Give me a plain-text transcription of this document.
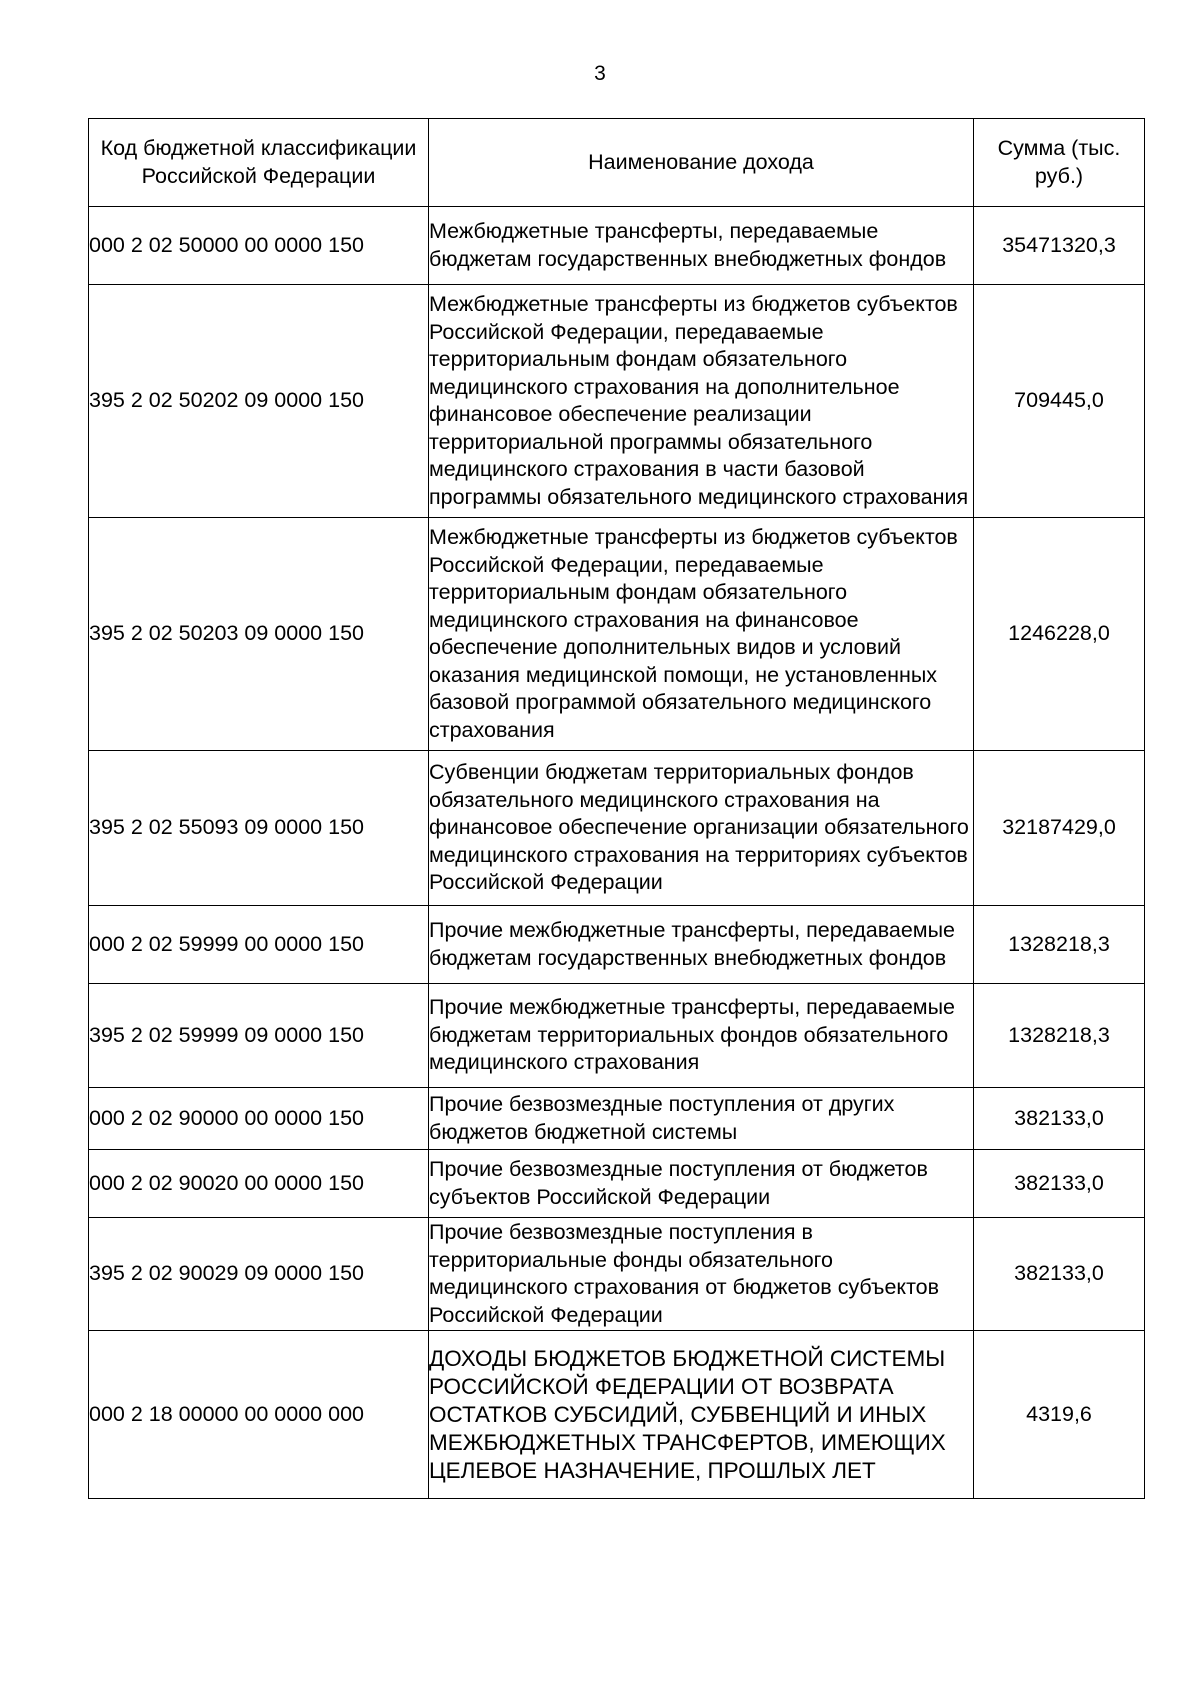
3
Код бюджетной классификации Российской Федерации	Наименование дохода	Сумма (тыс. руб.)
000 2 02 50000 00 0000 150	Межбюджетные трансферты, передаваемые бюджетам государственных внебюджетных фондов	35471320,3
395 2 02 50202 09 0000 150	Межбюджетные трансферты из бюджетов субъектов Российской Федерации, передаваемые территориальным фондам обязательного медицинского страхования на дополнительное финансовое обеспечение реализации территориальной программы обязательного медицинского страхования в части базовой программы обязательного медицинского страхования	709445,0
395 2 02 50203 09 0000 150	Межбюджетные трансферты из бюджетов субъектов Российской Федерации, передаваемые территориальным фондам обязательного медицинского страхования на финансовое обеспечение дополнительных видов и условий оказания медицинской помощи, не установленных базовой программой обязательного медицинского страхования	1246228,0
395 2 02 55093 09 0000 150	Субвенции бюджетам территориальных фондов обязательного медицинского страхования на финансовое обеспечение организации обязательного медицинского страхования на территориях субъектов Российской Федерации	32187429,0
000 2 02 59999 00 0000 150	Прочие межбюджетные трансферты, передаваемые бюджетам государственных внебюджетных фондов	1328218,3
395 2 02 59999 09 0000 150	Прочие межбюджетные трансферты, передаваемые бюджетам территориальных фондов обязательного медицинского страхования	1328218,3
000 2 02 90000 00 0000 150	Прочие безвозмездные поступления от других бюджетов бюджетной системы	382133,0
000 2 02 90020 00 0000 150	Прочие безвозмездные поступления от бюджетов субъектов Российской Федерации	382133,0
395 2 02 90029 09 0000 150	Прочие безвозмездные поступления в территориальные фонды обязательного медицинского страхования от бюджетов субъектов Российской Федерации	382133,0
000 2 18 00000 00 0000 000	ДОХОДЫ БЮДЖЕТОВ БЮДЖЕТНОЙ СИСТЕМЫ РОССИЙСКОЙ ФЕДЕРАЦИИ ОТ ВОЗВРАТА ОСТАТКОВ СУБСИДИЙ, СУБВЕНЦИЙ И ИНЫХ МЕЖБЮДЖЕТНЫХ ТРАНСФЕРТОВ, ИМЕЮЩИХ ЦЕЛЕВОЕ НАЗНАЧЕНИЕ, ПРОШЛЫХ ЛЕТ	4319,6
